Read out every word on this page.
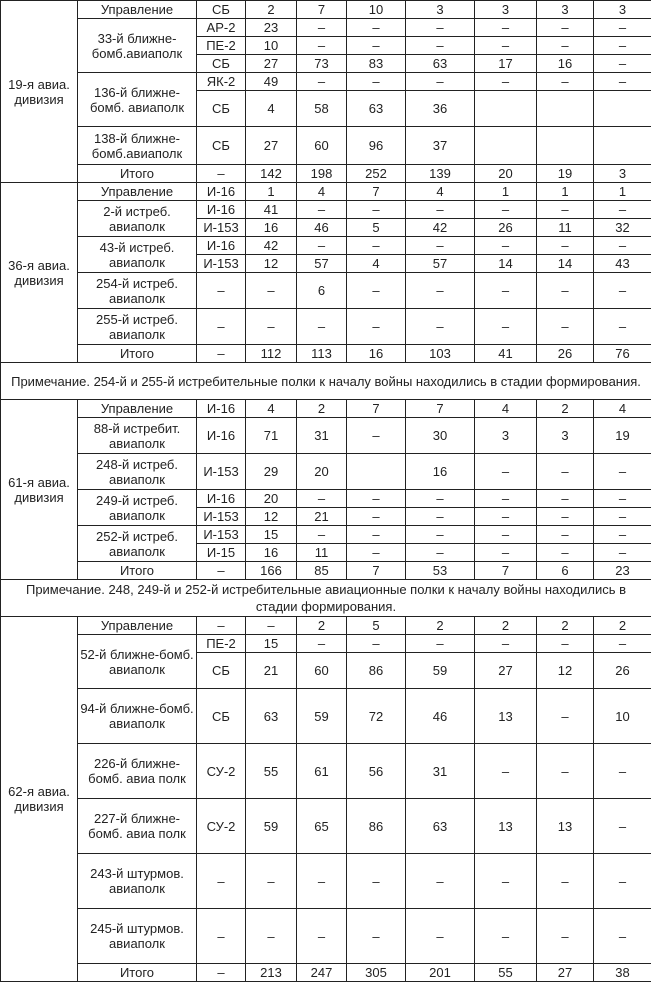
19-я авиа. дивизия	Управление	СБ	2	7	10	3	3	3	3
	33-й ближне-бомб.авиаполк	АР-2	23	–	–	–	–	–	–
		ПЕ-2	10	–	–	–	–	–	–
		СБ	27	73	83	63	17	16	–
	136-й ближне-бомб. авиаполк	ЯК-2	49	–	–	–	–	–	–
		СБ	4	58	63	36			
	138-й ближне-бомб.авиаполк	СБ	27	60	96	37			
	Итого	–	142	198	252	139	20	19	3
36-я авиа. дивизия	Управление	И-16	1	4	7	4	1	1	1
	2-й истреб. авиаполк	И-16	41	–	–	–	–	–	–
		И-153	16	46	5	42	26	11	32
	43-й истреб. авиаполк	И-16	42	–	–	–	–	–	–
		И-153	12	57	4	57	14	14	43
	254-й истреб. авиаполк	–	–	6	–	–	–	–	–
	255-й истреб. авиаполк	–	–	–	–	–	–	–	–
	Итого	–	112	113	16	103	41	26	76
Примечание. 254-й и 255-й истребительные полки к началу войны находились в стадии формирования.									
61-я авиа. дивизия	Управление	И-16	4	2	7	7	4	2	4
	88-й истребит. авиаполк	И-16	71	31	–	30	3	3	19
	248-й истреб. авиаполк	И-153	29	20		16	–	–	–
	249-й истреб. авиаполк	И-16	20	–	–	–	–	–	–
		И-153	12	21	–	–	–	–	–
	252-й истреб. авиаполк	И-153	15	–	–	–	–	–	–
		И-15	16	11	–	–	–	–	–
	Итого	–	166	85	7	53	7	6	23
Примечание. 248, 249-й и 252-й истребительные авиационные полки к началу войны находились в стадии формирования.									
62-я авиа. дивизия	Управление	–	–	2	5	2	2	2	2
	52-й ближне-бомб. авиаполк	ПЕ-2	15	–	–	–	–	–	–
		СБ	21	60	86	59	27	12	26
	94-й ближне-бомб. авиаполк	СБ	63	59	72	46	13	–	10
	226-й ближне-бомб. авиа полк	СУ-2	55	61	56	31	–	–	–
	227-й ближне-бомб. авиа полк	СУ-2	59	65	86	63	13	13	–
	243-й штурмов. авиаполк	–	–	–	–	–	–	–	–
	245-й штурмов. авиаполк	–	–	–	–	–	–	–	–
	Итого	–	213	247	305	201	55	27	38
